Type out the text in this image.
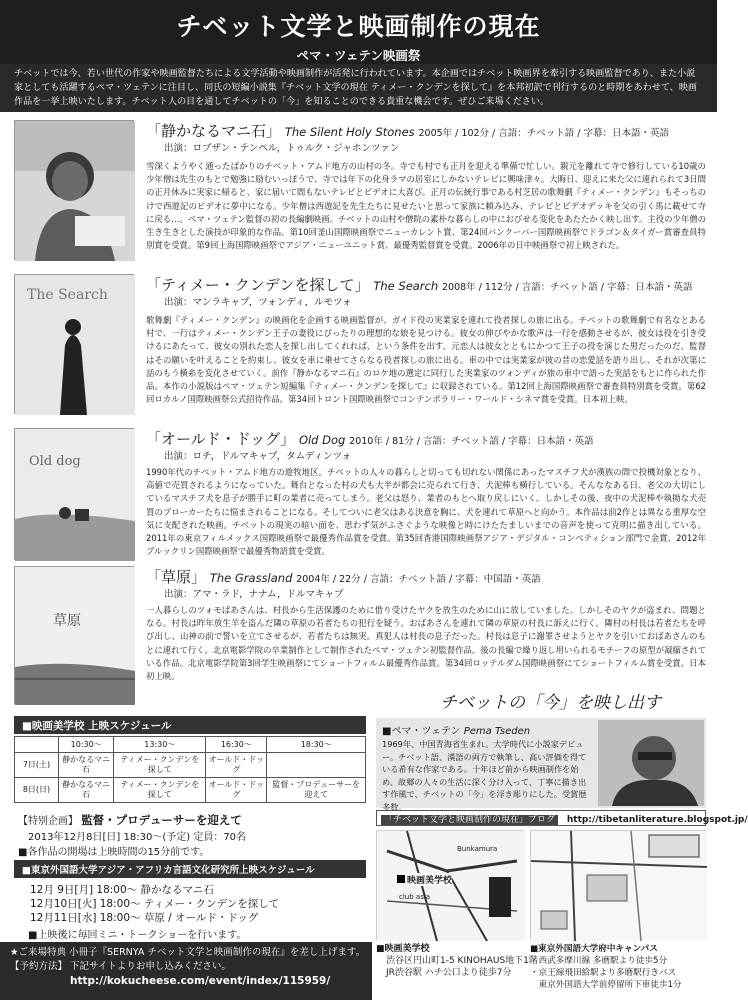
チベット文学と映画制作の現在
ペマ・ツェテン映画祭
チベットでは今、若い世代の作家や映画監督たちによる文学活動や映画制作が活発に行われています。本企画ではチベット映画界を牽引する映画監督であり、また小説家としても活躍するペマ・ツェテンに注目し、同氏の短編小説集『チベット文学の現在 ティメー・クンデンを探して』を本邦初訳で刊行するのと時期をあわせて、映画作品を一挙上映いたします。チベット人の目を通してチベットの「今」を知ることのできる貴重な機会です。ぜひご来場ください。
「静かなるマニ石」 The Silent Holy Stones 2005年 / 102分 / 言語：チベット語 / 字幕：日本語・英語
出演：ロブザン・テンペル，トゥルク・ジャホンツァン
雪深くようやく通ったばかりのチベット・アムド地方の山村の冬。寺でも村でも正月を迎える準備で忙しい。親元を離れて寺で修行している10歳の少年僧は先生のもとで勉強に励むいっぽうで、寺では年下の化身ラマの居室にしかないテレビに興味津々。大晦日、迎えに来た父に連れられて3日間の正月休みに実家に帰ると、家に届いて間もないテレビとビデオに大喜び。正月の伝統行事である村芝居の歌舞劇『ティメー・クンデン』もそっちのけで西遊記のビデオに夢中になる。少年僧は西遊記を先生たちに見せたいと思って家族に頼み込み、テレビとビデオデッキを父の引く馬に載せて寺に戻る…。ペマ・ツェテン監督の初の長編劇映画。チベットの山村や僧院の素朴な暮らしの中におびせる変化をあたたかく映し出す。主役の少年僧の生き生きとした演技が印象的な作品。第10回釜山国際映画祭でニューカレント賞、第24回バンクーバー国際映画祭でドラゴン＆タイガー賞審査員特別賞を受賞。第9回上海国際映画祭でアジア・ニューユニット賞、最優秀監督賞を受賞。2006年の日中映画祭で初上映された。
The Search
「ティメー・クンデンを探して」 The Search 2008年 / 112分 / 言語：チベット語 / 字幕：日本語・英語
出演：マンラキャプ，ツォンディ，ルモツォ
歌舞劇『ティメー・クンデン』の映画化を企画する映画監督が、ガイド役の実業家を連れて役者探しの旅に出る。チベットの歌舞劇で有名なとある村で、一行はティメー・クンデン王子の妻役にぴったりの理想的な娘を見つける。彼女の伸びやかな歌声は一行を感動させるが、彼女は役を引き受けるにあたって、彼女の別れた恋人を探し出してくれれば、という条件を出す。元恋人は彼女とともにかつて王子の役を演じた男だったのだ。監督はその願いを叶えることを約束し、彼女を車に乗せてさらなる役者探しの旅に出る。車の中では実業家が彼の昔の恋愛話を語り出し、それが次第に話のもう横糸を変化させていく。前作『静かなるマニ石』のロケ地の選定に同行した実業家のツォンディが旅の車中で語った実話をもとに作られた作品。本作の小説版はペマ・ツェテン短編集『ティメー・クンデンを探して』に収録されている。第12回上海国際映画祭で審査員特別賞を受賞。第62回ロカルノ国際映画祭公式招待作品。第34回トロント国際映画祭でコンテンポラリー・ワールド・シネマ賞を受賞。日本初上映。
Old dog
「オールド・ドッグ」 Old Dog 2010年 / 81分 / 言語：チベット語 / 字幕：日本語・英語
出演：ロチ，ドルマキャプ，タムディンツォ
1990年代のチベット・アムド地方の遊牧地区。チベットの人々の暮らしと切っても切れない関係にあったマスチフ犬が漢族の間で投機対象となり、高値で売買されるようになっていた。舞台となった村の犬も大半が都会に売られて行き、犬泥棒も横行している。そんななある日、老父の大切にしているマスチフ犬を息子が勝手に町の業者に売ってしまう。老父は怒り、業者のもとへ取り戻しにいく。しかしその後、夜中の犬泥棒や執拗な犬売買のブローカーたちに悩まされることになる。そしてついに老父はある決意を胸に、犬を連れて草原へと向かう。本作品は前2作とは異なる重厚な空気に支配された映画。チベットの現実の暗い面を、思わず気がふさぐような映像と時にけたたましいまでの音声を使って克明に描き出している。2011年の東京フィルメックス国際映画祭で最優秀作品賞を受賞。第35回香港国際映画祭アジア・デジタル・コンペティション部門で金賞、2012年ブルックリン国際映画祭で最優秀物語賞を受賞。
草原
「草原」 The Grassland 2004年 / 22分 / 言語：チベット語 / 字幕：中国語・英語
出演：アマ・ラド，ナナム，ドルマキャプ
一人暮らしのツォモばあさんは、村長から生活保護のために借り受けたヤクを放生のために山に放していました。しかしそのヤクが盗まれ、問題となる。村長は昨年放生羊を盗んだ隣の草原の若者たちの犯行を疑う。おばあさんを連れて隣の草原の村長に訴えに行く。隣村の村長は若者たちを呼び出し、山神の前で誓いを立てさせるが、若者たちは無実。真犯人は村長の息子だった。村長は息子に謝罪させようとヤクを引いておばあさんのもとに連れて行く。北京電影学院の卒業制作として制作されたペマ・ツェテン初監督作品。後の長編で繰り返し用いられるモチーフの原型が凝縮されている作品。北京電影学院第3回学生映画祭にてショートフィルム最優秀作品賞。第34回ロッテルダム国際映画祭にてショートフィルム賞を受賞。日本初上映。
チベットの「今」を映し出す
■映画美学校 上映スケジュール
	10:30〜	13:30〜	16:30〜	18:30〜
7日(土)	静かなるマニ石	ティメー・クンデンを探して	オールド・ドッグ	
8日(日)	静かなるマニ石	ティメー・クンデンを探して	オールド・ドッグ	監督・プロデューサーを迎えて
【特別企画】 監督・プロデューサーを迎えて
2013年12月8日[日] 18:30〜(予定) 定員：70名
■各作品の開場は上映時間の15分前です。
■東京外国語大学アジア・アフリカ言語文化研究所上映スケジュール
12月 9日[月] 18:00〜 静かなるマニ石
12月10日[火] 18:00〜 ティメー・クンデンを探して
12月11日[水] 18:00〜 草原 / オールド・ドッグ
■上映後に毎回ミニ・トークショーを行います。
★ご来場特典 小冊子『SERNYA チベット文学と映画制作の現在』を差し上げます。
【予約方法】 下記サイトよりお申し込みください。
http://kokucheese.com/event/index/115959/
■ペマ・ツェテン Pema Tseden
1969年、中国青海省生まれ。大学時代に小説家デビュー。チベット語、漢語の両方で執筆し、高い評価を得ている希有な作家である。十年ほど前から映画制作を始め、故郷の人々の生活に深く分け入って、丁寧に描き出す作風で、チベットの「今」を浮き彫りにした。受賞歴多数。
「チベット文学と映画制作の現在」ブログ http://tibetanliterature.blogspot.jp/
映画美学校
club asia
Bunkamura
■映画美学校
渋谷区円山町1-5 KINOHAUS地下1階
JR渋谷駅 ハチ公口より徒歩7分
■東京外国語大学府中キャンパス
・西武多摩川線 多磨駅より徒歩5分
・京王線飛田給駅より多磨駅行きバス
　東京外国語大学前停留所下車徒歩1分
